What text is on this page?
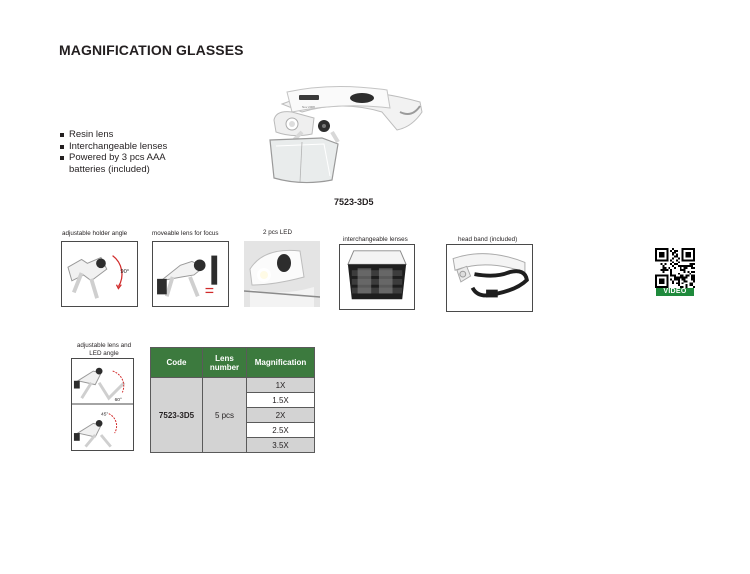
MAGNIFICATION GLASSES
Resin lens
Interchangeable lenses
Powered by 3 pcs AAA batteries (included)
Nov 2008
7523-3D5
adjustable holder angle
90°
moveable lens for focus	2 pcs LED
interchangeable lenses	head band (included)
VIDEO
adjustable lens and LED angle
60°
45°
Code	Lens number	Magnification
7523-3D5	5 pcs	1X
		1.5X
		2X
		2.5X
		3.5X
